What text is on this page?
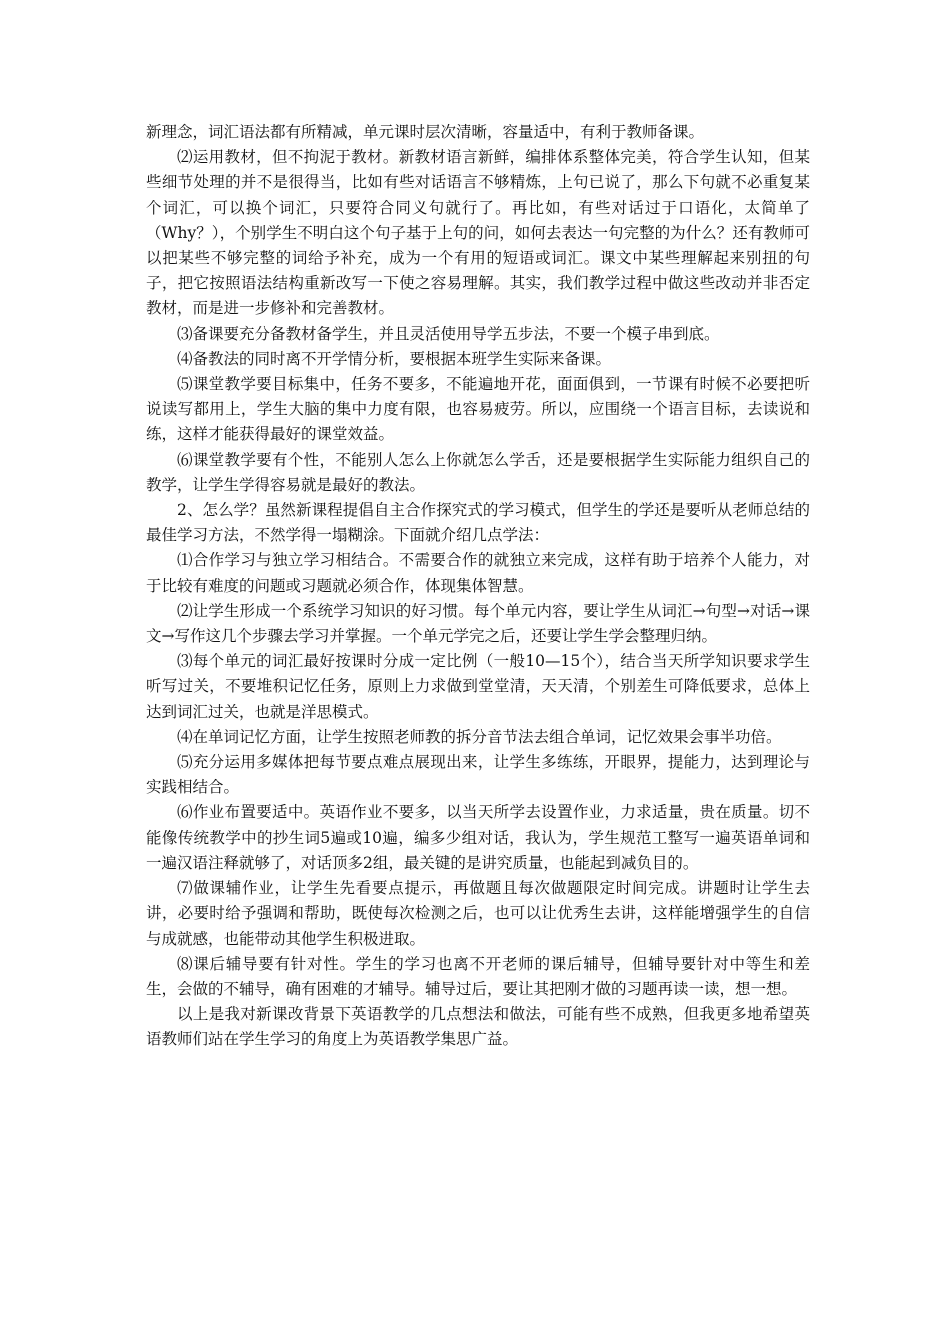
新理念，词汇语法都有所精减，单元课时层次清晰，容量适中，有利于教师备课。

⑵运用教材，但不拘泥于教材。新教材语言新鲜，编排体系整体完美，符合学生认知，但某些细节处理的并不是很得当，比如有些对话语言不够精炼，上句已说了，那么下句就不必重复某个词汇，可以换个词汇，只要符合同义句就行了。再比如，有些对话过于口语化，太简单了（Why？），个别学生不明白这个句子基于上句的问，如何去表达一句完整的为什么？还有教师可以把某些不够完整的词给予补充，成为一个有用的短语或词汇。课文中某些理解起来别扭的句子，把它按照语法结构重新改写一下使之容易理解。其实，我们教学过程中做这些改动并非否定教材，而是进一步修补和完善教材。

⑶备课要充分备教材备学生，并且灵活使用导学五步法，不要一个模子串到底。

⑷备教法的同时离不开学情分析，要根据本班学生实际来备课。

⑸课堂教学要目标集中，任务不要多，不能遍地开花，面面俱到，一节课有时候不必要把听说读写都用上，学生大脑的集中力度有限，也容易疲劳。所以，应围绕一个语言目标，去读说和练，这样才能获得最好的课堂效益。

⑹课堂教学要有个性，不能别人怎么上你就怎么学舌，还是要根据学生实际能力组织自己的教学，让学生学得容易就是最好的教法。

2、怎么学？虽然新课程提倡自主合作探究式的学习模式，但学生的学还是要听从老师总结的最佳学习方法，不然学得一塌糊涂。下面就介绍几点学法：

⑴合作学习与独立学习相结合。不需要合作的就独立来完成，这样有助于培养个人能力，对于比较有难度的问题或习题就必须合作，体现集体智慧。

⑵让学生形成一个系统学习知识的好习惯。每个单元内容，要让学生从词汇→句型→对话→课文→写作这几个步骤去学习并掌握。一个单元学完之后，还要让学生学会整理归纳。

⑶每个单元的词汇最好按课时分成一定比例（一般10—15个），结合当天所学知识要求学生听写过关，不要堆积记忆任务，原则上力求做到堂堂清，天天清，个别差生可降低要求，总体上达到词汇过关，也就是洋思模式。

⑷在单词记忆方面，让学生按照老师教的拆分音节法去组合单词，记忆效果会事半功倍。

⑸充分运用多媒体把每节要点难点展现出来，让学生多练练，开眼界，提能力，达到理论与实践相结合。

⑹作业布置要适中。英语作业不要多，以当天所学去设置作业，力求适量，贵在质量。切不能像传统教学中的抄生词5遍或10遍，编多少组对话，我认为，学生规范工整写一遍英语单词和一遍汉语注释就够了，对话顶多2组，最关键的是讲究质量，也能起到减负目的。

⑺做课辅作业，让学生先看要点提示，再做题且每次做题限定时间完成。讲题时让学生去讲，必要时给予强调和帮助，既使每次检测之后，也可以让优秀生去讲，这样能增强学生的自信与成就感，也能带动其他学生积极进取。

⑻课后辅导要有针对性。学生的学习也离不开老师的课后辅导，但辅导要针对中等生和差生，会做的不辅导，确有困难的才辅导。辅导过后，要让其把刚才做的习题再读一读，想一想。

以上是我对新课改背景下英语教学的几点想法和做法，可能有些不成熟，但我更多地希望英语教师们站在学生学习的角度上为英语教学集思广益。
